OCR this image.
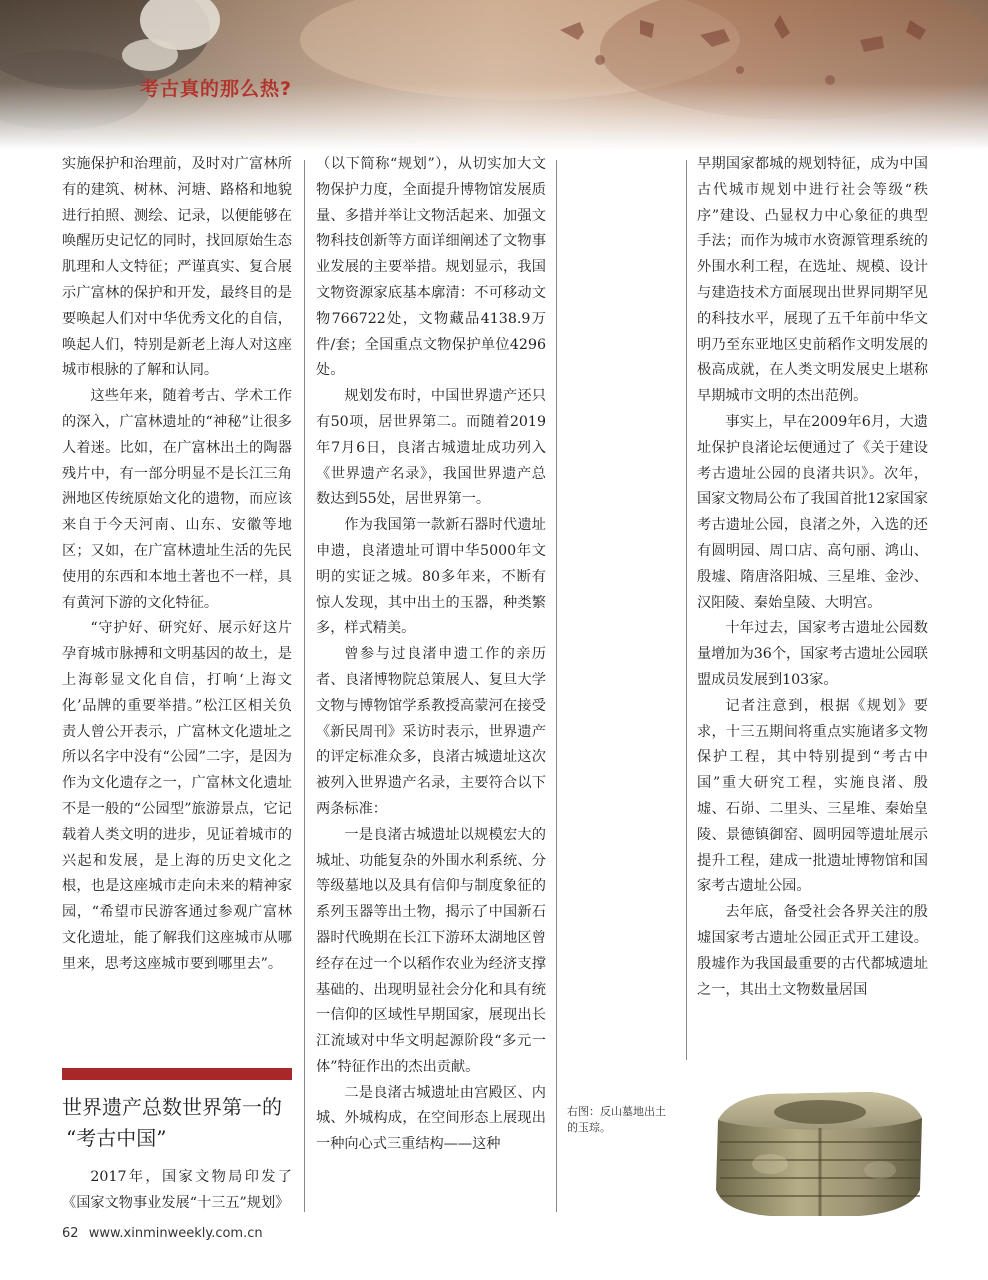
考古真的那么热?

实施保护和治理前，及时对广富林所有的建筑、树林、河塘、路格和地貌进行拍照、测绘、记录，以便能够在唤醒历史记忆的同时，找回原始生态肌理和人文特征；严谨真实、复合展示广富林的保护和开发，最终目的是要唤起人们对中华优秀文化的自信，唤起人们，特别是新老上海人对这座城市根脉的了解和认同。

这些年来，随着考古、学术工作的深入，广富林遗址的“神秘”让很多人着迷。比如，在广富林出土的陶器残片中，有一部分明显不是长江三角洲地区传统原始文化的遗物，而应该来自于今天河南、山东、安徽等地区；又如，在广富林遗址生活的先民使用的东西和本地土著也不一样，具有黄河下游的文化特征。

“守护好、研究好、展示好这片孕育城市脉搏和文明基因的故土，是上海彰显文化自信，打响‘上海文化’品牌的重要举措。”松江区相关负责人曾公开表示，广富林文化遗址之所以名字中没有“公园”二字，是因为作为文化遗存之一，广富林文化遗址不是一般的“公园型”旅游景点，它记载着人类文明的进步，见证着城市的兴起和发展，是上海的历史文化之根，也是这座城市走向未来的精神家园，“希望市民游客通过参观广富林文化遗址，能了解我们这座城市从哪里来，思考这座城市要到哪里去”。

世界遗产总数世界第一的
“考古中国”

2017年，国家文物局印发了《国家文物事业发展“十三五”规划》

（以下简称“规划”），从切实加大文物保护力度，全面提升博物馆发展质量、多措并举让文物活起来、加强文物科技创新等方面详细阐述了文物事业发展的主要举措。规划显示，我国文物资源家底基本廓清：不可移动文物766722处，文物藏品4138.9万件/套；全国重点文物保护单位4296处。

规划发布时，中国世界遗产还只有50项，居世界第二。而随着2019年7月6日，良渚古城遗址成功列入《世界遗产名录》，我国世界遗产总数达到55处，居世界第一。

作为我国第一款新石器时代遗址申遗，良渚遗址可谓中华5000年文明的实证之城。80多年来，不断有惊人发现，其中出土的玉器，种类繁多，样式精美。

曾参与过良渚申遗工作的亲历者、良渚博物院总策展人、复旦大学文物与博物馆学系教授高蒙河在接受《新民周刊》采访时表示，世界遗产的评定标准众多，良渚古城遗址这次被列入世界遗产名录，主要符合以下两条标准：

一是良渚古城遗址以规模宏大的城址、功能复杂的外围水利系统、分等级墓地以及具有信仰与制度象征的系列玉器等出土物，揭示了中国新石器时代晚期在长江下游环太湖地区曾经存在过一个以稻作农业为经济支撑基础的、出现明显社会分化和具有统一信仰的区域性早期国家，展现出长江流域对中华文明起源阶段“多元一体”特征作出的杰出贡献。

二是良渚古城遗址由宫殿区、内城、外城构成，在空间形态上展现出一种向心式三重结构——这种

早期国家都城的规划特征，成为中国古代城市规划中进行社会等级“秩序”建设、凸显权力中心象征的典型手法；而作为城市水资源管理系统的外围水利工程，在选址、规模、设计与建造技术方面展现出世界同期罕见的科技水平，展现了五千年前中华文明乃至东亚地区史前稻作文明发展的极高成就，在人类文明发展史上堪称早期城市文明的杰出范例。

事实上，早在2009年6月，大遗址保护良渚论坛便通过了《关于建设考古遗址公园的良渚共识》。次年，国家文物局公布了我国首批12家国家考古遗址公园，良渚之外，入选的还有圆明园、周口店、高句丽、鸿山、殷墟、隋唐洛阳城、三星堆、金沙、汉阳陵、秦始皇陵、大明宫。

十年过去，国家考古遗址公园数量增加为36个，国家考古遗址公园联盟成员发展到103家。

记者注意到，根据《规划》要求，十三五期间将重点实施诸多文物保护工程，其中特别提到“考古中国”重大研究工程，实施良渚、殷墟、石峁、二里头、三星堆、秦始皇陵、景德镇御窑、圆明园等遗址展示提升工程，建成一批遗址博物馆和国家考古遗址公园。

去年底，备受社会各界关注的殷墟国家考古遗址公园正式开工建设。殷墟作为我国最重要的古代都城遗址之一，其出土文物数量居国

右图：反山墓地出土
的玉琮。
62 www.xinminweekly.com.cn
